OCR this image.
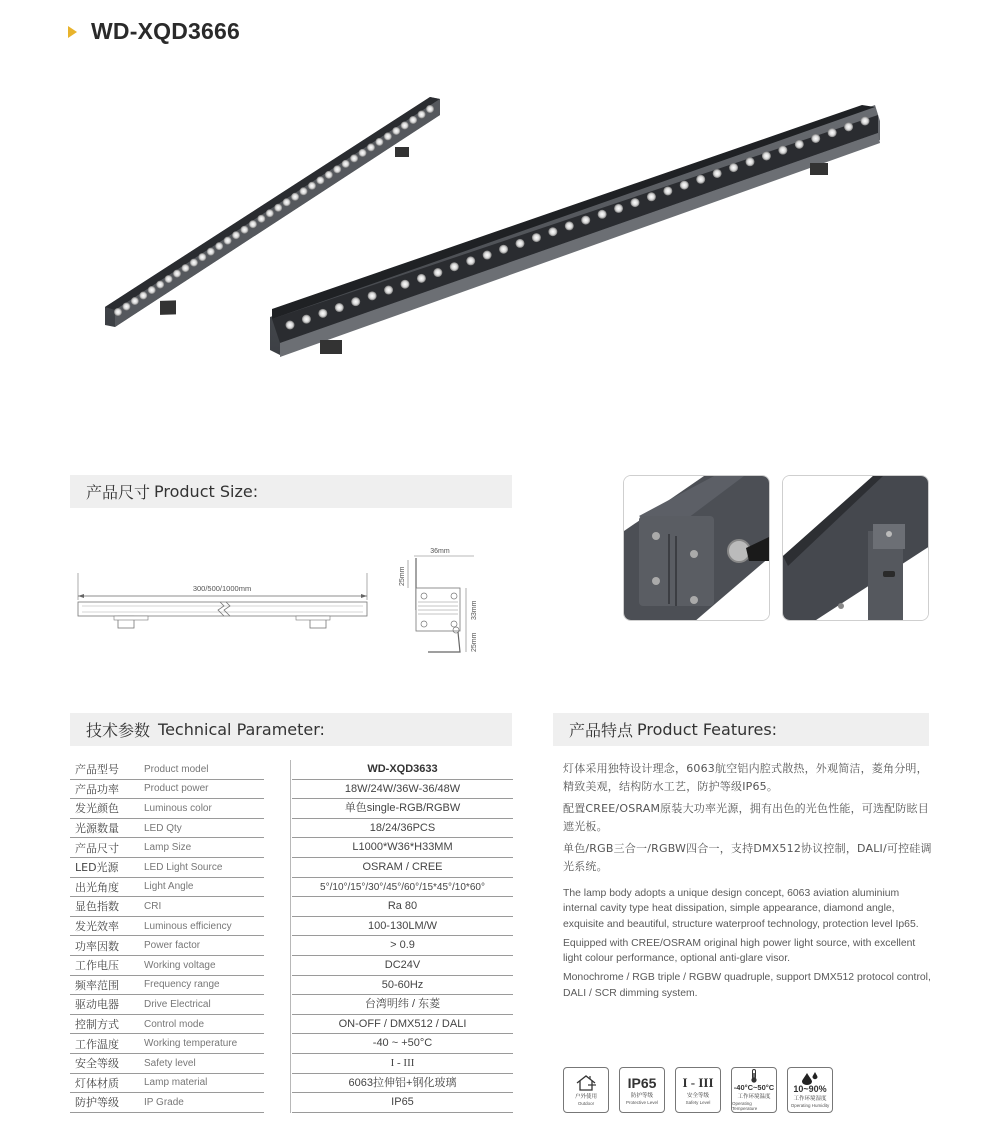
WD-XQD3666
产品尺寸 Product Size:
300/500/1000mm
36mm
25mm
33mm
25mm
技术参数 Technical Parameter:
产品型号	Product model	WD-XQD3633
产品功率	Product power	18W/24W/36W-36/48W
发光颜色	Luminous color	单色single-RGB/RGBW
光源数量	LED Qty	18/24/36PCS
产品尺寸	Lamp Size	L1000*W36*H33MM
LED光源	LED Light Source	OSRAM / CREE
出光角度	Light Angle	5°/10°/15°/30°/45°/60°/15*45°/10*60°
显色指数	CRI	Ra 80
发光效率	Luminous efficiency	100-130LM/W
功率因数	Power factor	> 0.9
工作电压	Working voltage	DC24V
频率范围	Frequency range	50-60Hz
驱动电器	Drive Electrical	台湾明纬 / 东菱
控制方式	Control mode	ON-OFF / DMX512 / DALI
工作温度	Working temperature	-40 ~ +50°C
安全等级	Safety level	I - III
灯体材质	Lamp material	6063拉伸铝+钢化玻璃
防护等级	IP Grade	IP65
产品特点 Product Features:

灯体采用独特设计理念，6063航空铝内腔式散热，外观简洁，菱角分明，精致美观，结构防水工艺，防护等级IP65。

配置CREE/OSRAM原装大功率光源，拥有出色的光色性能，可选配防眩目遮光板。

单色/RGB三合一/RGBW四合一，支持DMX512协议控制，DALI/可控硅调光系统。

The lamp body adopts a unique design concept, 6063 aviation aluminium internal cavity type heat dissipation, simple appearance, diamond angle, exquisite and beautiful, structure waterproof technology, protection level Ip65.

Equipped with CREE/OSRAM original high power light source, with excellent light colour performance, optional anti-glare visor.

Monochrome / RGB triple / RGBW quadruple, support DMX512 protocol control, DALI / SCR dimming system.

户外使用
Outdoor
IP65
防护等级
Protective Level
I - III
安全等级
Safety Level
-40°C~50°C
工作环境温度
Operating Temperature
10~90%
工作环境湿度
Operating Humidity
